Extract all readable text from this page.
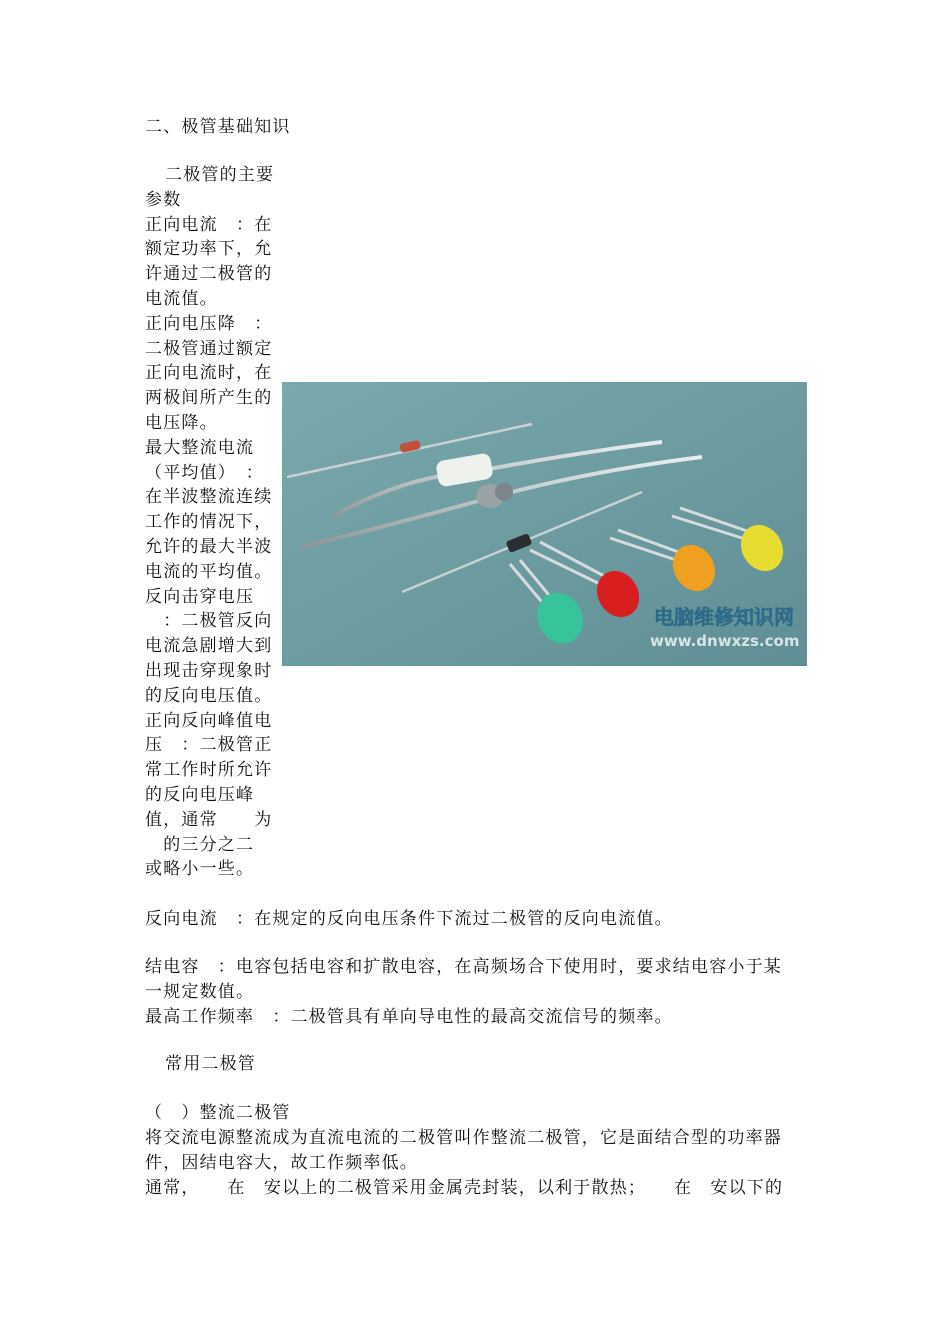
二、极管基础知识
二极管的主要
参数
正向电流　：在
额定功率下，允
许通过二极管的
电流值。
正向电压降　：
二极管通过额定
正向电流时，在
两极间所产生的
电压降。
最大整流电流
（平均值）　：
在半波整流连续
工作的情况下，
允许的最大半波
电流的平均值。
反向击穿电压
　：二极管反向
电流急剧增大到
出现击穿现象时
的反向电压值。
正向反向峰值电
压　：二极管正
常工作时所允许
的反向电压峰
值，通常　　为
　的三分之二
或略小一些。
电脑维修知识网
www.dnwxzs.com
反向电流　：在规定的反向电压条件下流过二极管的反向电流值。
结电容　：电容包括电容和扩散电容，在高频场合下使用时，要求结电容小于某
一规定数值。
最高工作频率　：二极管具有单向导电性的最高交流信号的频率。
常用二极管
（　）整流二极管
将交流电源整流成为直流电流的二极管叫作整流二极管，它是面结合型的功率器
件，因结电容大，故工作频率低。
通常，　　在　安以上的二极管采用金属壳封装，以利于散热；　　在　安以下的
